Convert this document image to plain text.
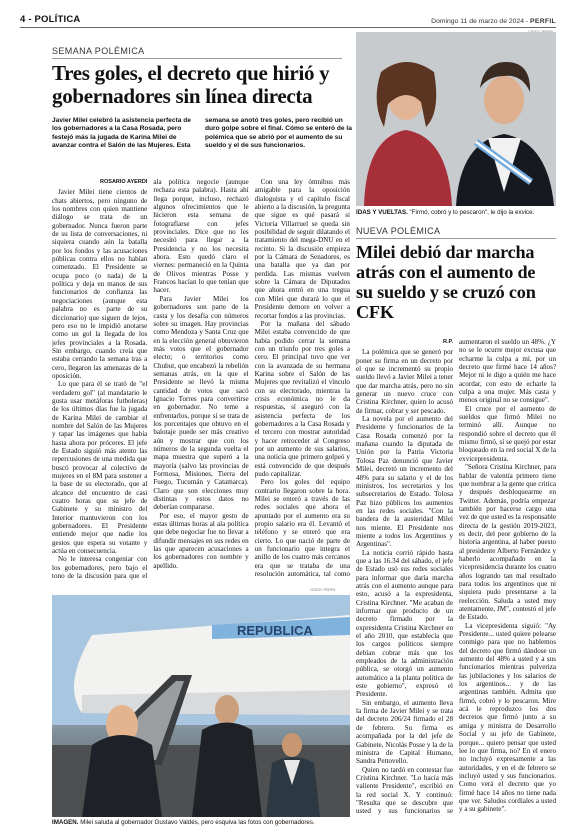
4 - POLÍTICA	Domingo 11 de marzo de 2024 - PERFIL
SEMANA POLÉMICA
Tres goles, el decreto que hirió y gobernadores sin línea directa
Javier Milei celebró la asistencia perfecta de los gobernadores a la Casa Rosada, pero festejó más la jugada de Karina Milei de avanzar contra el Salón de las Mujeres. Esta semana se anotó tres goles, pero recibió un duro golpe sobre el final. Cómo se enteró de la polémica que se abrió por el aumento de su sueldo y el de sus funcionarios.
ROSARIO AYERDI

Javier Milei tiene cientos de chats abiertos, pero ninguno de los nombres con quien mantiene diálogo se trata de un gobernador. Nunca fueron parte de su lista de conversaciones, ni siquiera cuando aún la batalla por los fondos y las acusaciones públicas contra ellos no habían comenzado. El Presidente se ocupa poco (o nada) de la política y deja en manos de sus funcionarios de confianza las negociaciones (aunque esta palabra no es parte de su diccionario) que siguen de lejos, pero eso no le impidió anotarse como un gol la llegada de los jefes provinciales a la Rosada. Sin embargo, cuando creía que estaba cerrando la semana tras a cero, llegaron las amenazas de la oposición.

Lo que para él se trató de "el verdadero gol" (al mandatario le gusta usar metáforas futboleras) de los últimos días fue la jugada de Karina Milei de cambiar el nombre del Salón de las Mujeres y tapar las imágenes que había hasta ahora por próceres. El jefe de Estado siguió más atento las repercusiones de una medida que buscó provocar al colectivo de mujeres en el 8M para sostener a la base de su electorado, que al alcance del encuentro de casi cuatro horas que su jefe de Gabinete y su ministro del Interior mantuvieron con los gobernadores. El Presidente entiende mejor que nadie los gestos que espera su votante y actúa en consecuencia.

No le interesa congeniar con los gobernadores, pero bajo el tono de la discusión para que el ala política negocie (aunque rechaza esta palabra). Hasta ahí llega porque, incluso, rechazó algunos ofrecimientos que le hicieron esta semana de fotografiarse con jefes provinciales. Dice que no les necesitó para llegar a la Presidencia y no los necesita ahora. Esto quedó claro el viernes: permaneció en la Quinta de Olivos mientras Posse y Francos hacían lo que tenían que hacer.

Para Javier Milei los gobernadores son parte de la casta y los desafía con números sobre su imagen. Hay provincias como Mendoza y Santa Cruz que en la elección general obtuvieron más votos que el gobernador electo; o territorios como Chubut, que encabezó la rebelión semanas atrás, en la que el Presidente se llevó la misma cantidad de votos que sacó Ignacio Torres para convertirse en gobernador. No teme a enfrentarlos, porque sí se trata de los porcentajes que obtuvo en el balotaje puede ser más creativo aún y mostrar que con los números de la segunda vuelta el mapa muestra que superó a la mayoría (salvo las provincias de Formosa, Misiones, Tierra del Fuego, Tucumán y Catamarca). Claro que son elecciones muy distintas y estos datos no deberían compararse.

Por eso, el mayor gesto de estas últimas horas al ala política que debe negociar fue no llevar a difundir mensajes en sus redes en las que aparecen acusaciones a los gobernadores con nombre y apellido.

Con una ley ómnibus más amigable para la oposición dialoguista y el capítulo fiscal abierto a la discusión, la pregunta que sigue es qué pasará si Victoria Villarruel se queda sin posibilidad de seguir dilatando el tratamiento del mega-DNU en el recinto. Si la discusión empieza por la Cámara de Senadores, es una batalla que ya dan por perdida. Las mismas vuelven sobre la Cámara de Diputados que ahora entró en una tregua con Milei que durará lo que el Presidente demore en volver a recortar fondos a las provincias.

Por la mañana del sábado Milei estaba convencido de que había podido cerrar la semana con un triunfo por tres goles a cero. El principal tuvo que ver con la avanzada de su hermana Karina sobre el Salón de las Mujeres que revitalizó el vínculo con su electorado, mientras la crisis económica no le da respuestas, sí aseguró con la asistencia perfecta de los gobernadores a la Casa Rosada y el tercero con mostrar autoridad y hacer retroceder al Congreso por un aumento de sus salarios, una noticia que primero golpeó y está convencido de que después pudo capitalizar.

Pero los goles del equipo contrario llegaron sobre la hora. Milei se enteró a través de las redes sociales que ahora el apuntado por el aumento era su propio salario era él. Levantó el teléfono y se enteró que era cierto. Lo que nació de parte de un funcionario que integra el anillo de los cuatro más cercanos era que se trataba de una resolución automática, tal como

CEDOC PERFIL
REPUBLICA
IMAGEN. Milei saluda al gobernador Gustavo Valdés, pero esquiva las fotos con gobernadores.
IDAS Y VUELTAS. "Firmó, cobró y lo pescaron", le dijo la exvice.
NUEVA POLÉMICA
Milei debió dar marcha atrás con el aumento de su sueldo y se cruzó con CFK
R.P.

La polémica que se generó por poner su firma en un decreto por el que se incrementó su propio sueldo llevó a Javier Milei a tener que dar marcha atrás, pero no sin generar un nuevo cruce con Cristina Kirchner, quien lo acusó de firmar, cobrar y ser pescado.

La novela por el aumento del Presidente y funcionarios de la Casa Rosada comenzó por la mañana cuando la diputada de Unión por la Patria Victoria Tolosa Paz denunció que Javier Milei, decretó un incremento del 48% para su salario y el de los ministros, los secretarios y los subsecretarios de Estado. Tolosa Paz hizo públicos los aumentos en las redes sociales. "Con la bandera de la austeridad Milei nos miente. El Presidente nos miente a todos los Argentinos y Argentinas".

La noticia corrió rápido hasta que a las 16.34 del sábado, el jefe de Estado usó sus redes sociales para informar que daría marcha atrás con el aumento aunque para esto, acusó a la expresidenta, Cristina Kirchner. "Me acaban de informar que producto de un decreto firmado por la expresidenta Cristina Kirchner en el año 2010, que establecía que los cargos políticos siempre debían cobrar más que los empleados de la administración pública, se otorgó un aumento automático a la planta política de este gobierno", expresó el Presidente.

Sin embargo, el aumento lleva la firma de Javier Milei y se trata del decreto 206/24 firmado el 28 de febrero. Su firma es acompañada por la del jefe de Gabinete, Nicolás Posse y la de la ministra de Capital Humano, Sandra Pettovello.

Quien no tardó en contestar fue Cristina Kirchner. "Lo hacía más valiente Presidente", escribió en la red social X. Y continuó: "Resulta que se descubre que usted y sus funcionarios se aumentaron el sueldo un 48%. ¿Y no se le ocurre mejor excusa que echarme la culpa a mí, por un decreto que firmé hace 14 años? Mejor ni le digo a quién me hace acordar, con esto de echarle la culpa a una mujer. Más casta y menos original no se consigue".

El cruce por el aumento de sueldos que firmó Milei no terminó allí. Aunque no respondió sobre el decreto que él mismo firmó, sí se quejó por estar bloqueado en la red social X de la exvicepresidenta.

"Señora Cristina Kirchner, para hablar de valentía primero tiene que nombrar a la gente que critica y después desbloquearme en Twitter. Además, podría empezar también por hacerse cargo una vez de que usted es la responsable directa de la gestión 2019-2023, es decir, del peor gobierno de la historia argentina, al haber puesto al presidente Alberto Fernández y haberlo acompañado en la vicepresidencia durante los cuatro años logrando tan mal resultado para todos los argentinos que ni siquiera pudo presentarse a la reelección. Saluda a usted muy atentamente, JM", contestó el jefe de Estado.

La vicepresidenta siguió: "Ay Presidente... usted quiere pelearse conmigo para que no hablemos del decreto que firmó dándose un aumento del 48% a usted y a sus funcionarios mientras pulveriza las jubilaciones y los salarios de los argentinos... y de las argentinas también. Admita que firmó, cobró y lo pescaron. Mire acá le reproduzco los dos decretos que firmó junto a su amiga y ministra de Desarrollo Social y su jefe de Gabinete, porque... quiero pensar que usted lee lo que firma, no? En el enero no incluyó expresamente a las autoridades, y en el de febrero se incluyó usted y sus funcionarios. Como verá el decreto que yo firmé hace 14 años no tiene nada que ver. Saludos cordiales a usted y a su gabinete".
